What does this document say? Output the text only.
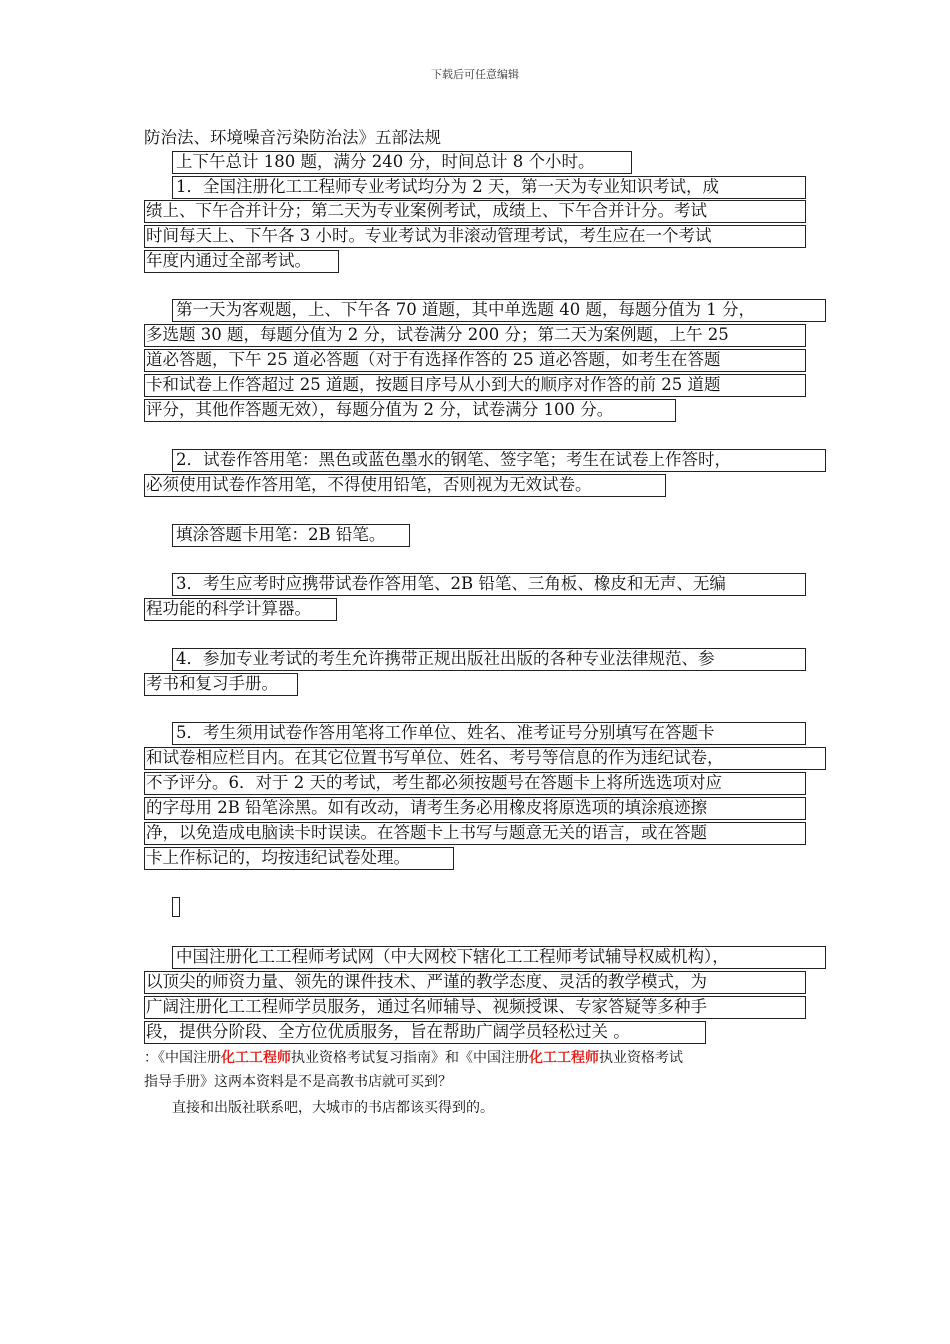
下载后可任意编辑
防治法、环境噪音污染防治法》五部法规
上下午总计 180 题，满分 240 分，时间总计 8 个小时。
1．全国注册化工工程师专业考试均分为 2 天，第一天为专业知识考试，成
绩上、下午合并计分；第二天为专业案例考试，成绩上、下午合并计分。考试
时间每天上、下午各 3 小时。专业考试为非滚动管理考试，考生应在一个考试
年度内通过全部考试。
第一天为客观题，上、下午各 70 道题，其中单选题 40 题，每题分值为 1 分，
多选题 30 题，每题分值为 2 分，试卷满分 200 分；第二天为案例题，上午 25
道必答题，下午 25 道必答题（对于有选择作答的 25 道必答题，如考生在答题
卡和试卷上作答超过 25 道题，按题目序号从小到大的顺序对作答的前 25 道题
评分，其他作答题无效），每题分值为 2 分，试卷满分 100 分。
2．试卷作答用笔：黑色或蓝色墨水的钢笔、签字笔；考生在试卷上作答时，
必须使用试卷作答用笔，不得使用铅笔，否则视为无效试卷。
填涂答题卡用笔：2B 铅笔。
3．考生应考时应携带试卷作答用笔、2B 铅笔、三角板、橡皮和无声、无编
程功能的科学计算器。
4．参加专业考试的考生允许携带正规出版社出版的各种专业法律规范、参
考书和复习手册。
5．考生须用试卷作答用笔将工作单位、姓名、准考证号分别填写在答题卡
和试卷相应栏目内。在其它位置书写单位、姓名、考号等信息的作为违纪试卷，
不予评分。6．对于 2 天的考试，考生都必须按题号在答题卡上将所选选项对应
的字母用 2B 铅笔涂黑。如有改动，请考生务必用橡皮将原选项的填涂痕迹擦
净，以免造成电脑读卡时误读。在答题卡上书写与题意无关的语言，或在答题
卡上作标记的，均按违纪试卷处理。
中国注册化工工程师考试网（中大网校下辖化工工程师考试辅导权威机构），
以顶尖的师资力量、领先的课件技术、严谨的教学态度、灵活的教学模式，为
广阔注册化工工程师学员服务，通过名师辅导、视频授课、专家答疑等多种手
段，提供分阶段、全方位优质服务，旨在帮助广阔学员轻松过关 。
：《中国注册化工工程师执业资格考试复习指南》和《中国注册化工工程师执业资格考试
指导手册》这两本资料是不是高教书店就可买到？
直接和出版社联系吧，大城市的书店都该买得到的。
